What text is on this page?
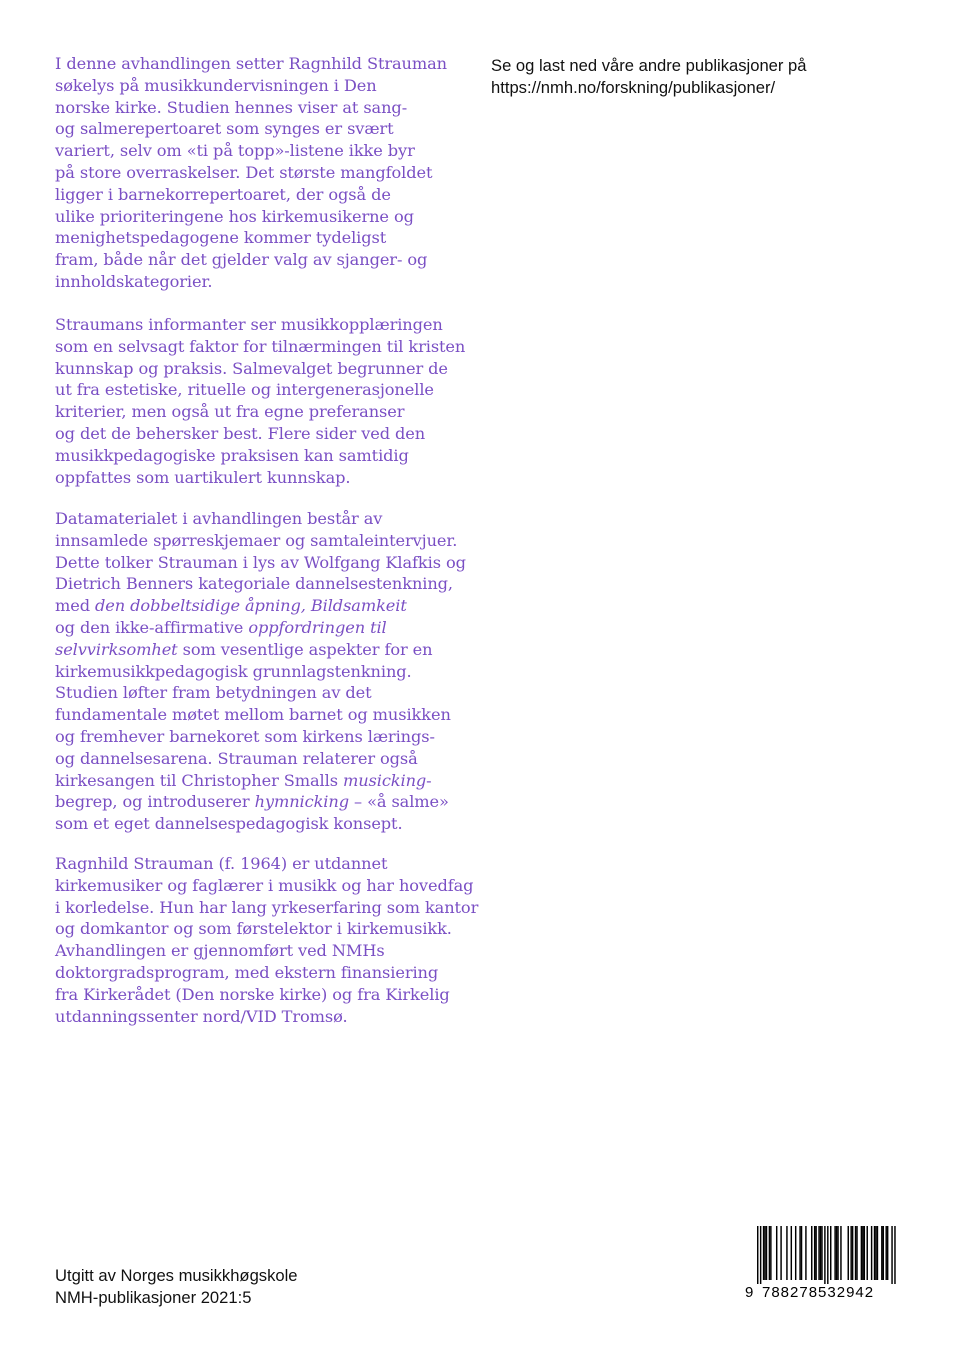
I denne avhandlingen setter Ragnhild Strauman
søkelys på musikkundervisningen i Den
norske kirke. Studien hennes viser at sang-
og salmerepertoaret som synges er svært
variert, selv om «ti på topp»-listene ikke byr
på store overraskelser. Det største mangfoldet
ligger i barnekorrepertoaret, der også de
ulike prioriteringene hos kirkemusikerne og
menighetspedagogene kommer tydeligst
fram, både når det gjelder valg av sjanger- og
innholdskategorier.

Straumans informanter ser musikkopplæringen
som en selvsagt faktor for tilnærmingen til kristen
kunnskap og praksis. Salmevalget begrunner de
ut fra estetiske, rituelle og intergenerasjonelle
kriterier, men også ut fra egne preferanser
og det de behersker best. Flere sider ved den
musikkpedagogiske praksisen kan samtidig
oppfattes som uartikulert kunnskap.

Datamaterialet i avhandlingen består av
innsamlede spørreskjemaer og samtaleintervjuer.
Dette tolker Strauman i lys av Wolfgang Klafkis og
Dietrich Benners kategoriale dannelsestenkning,
med den dobbeltsidige åpning, Bildsamkeit
og den ikke-affirmative oppfordringen til
selvvirksomhet som vesentlige aspekter for en
kirkemusikkpedagogisk grunnlagstenkning.
Studien løfter fram betydningen av det
fundamentale møtet mellom barnet og musikken
og fremhever barnekoret som kirkens lærings-
og dannelsesarena. Strauman relaterer også
kirkesangen til Christopher Smalls musicking-
begrep, og introduserer hymnicking – «å salme»
som et eget dannelsespedagogisk konsept.

Ragnhild Strauman (f. 1964) er utdannet
kirkemusiker og faglærer i musikk og har hovedfag
i korledelse. Hun har lang yrkeserfaring som kantor
og domkantor og som førstelektor i kirkemusikk.
Avhandlingen er gjennomført ved NMHs
doktorgradsprogram, med ekstern finansiering
fra Kirkerådet (Den norske kirke) og fra Kirkelig
utdanningssenter nord/VID Tromsø.

Se og last ned våre andre publikasjoner på
https://nmh.no/forskning/publikasjoner/

Utgitt av Norges musikkhøgskole
NMH-publikasjoner 2021:5	9 788278532942
